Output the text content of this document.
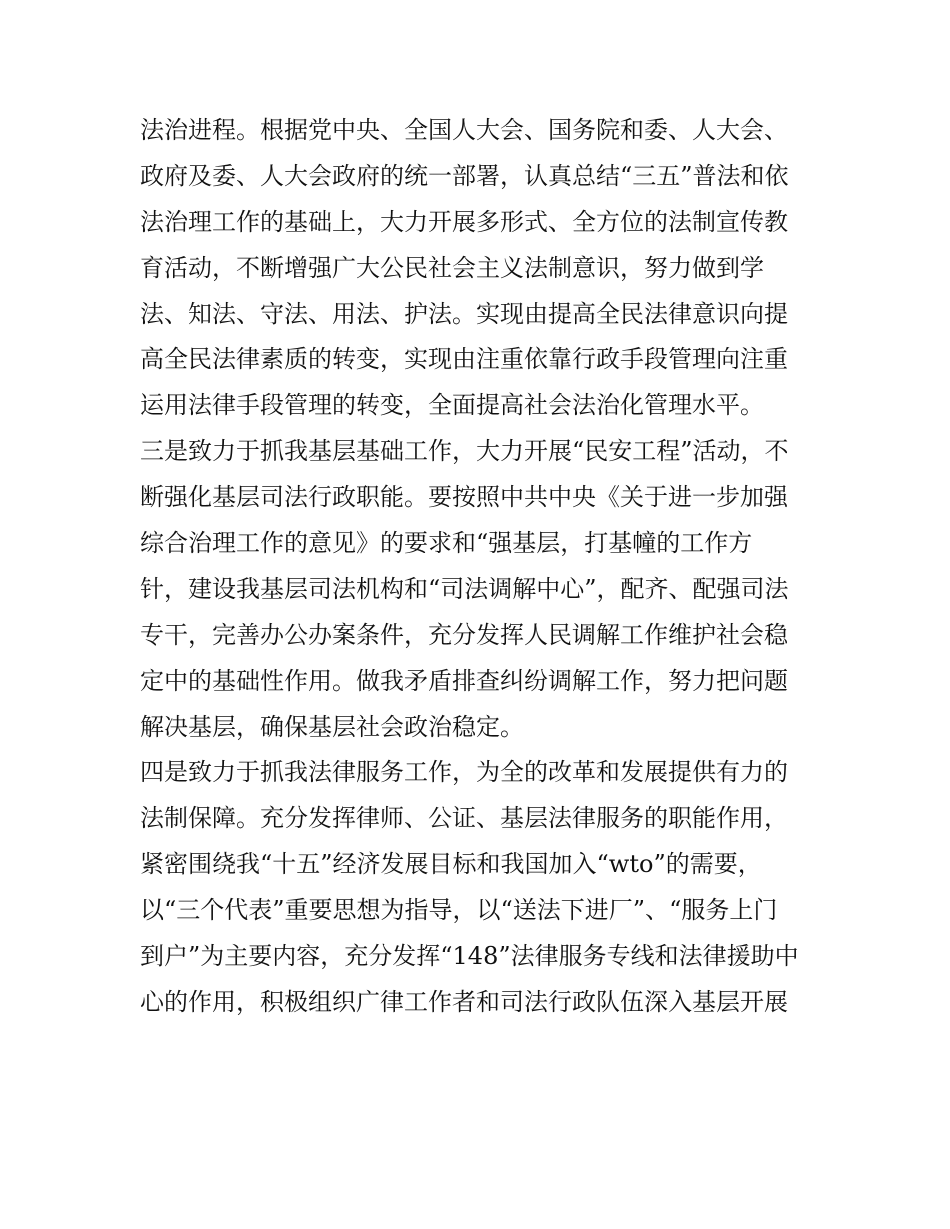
法治进程。根据党中央、全国人大会、国务院和委、人大会、
政府及委、人大会政府的统一部署，认真总结“三五”普法和依
法治理工作的基础上，大力开展多形式、全方位的法制宣传教
育活动，不断增强广大公民社会主义法制意识，努力做到学
法、知法、守法、用法、护法。实现由提高全民法律意识向提
高全民法律素质的转变，实现由注重依靠行政手段管理向注重
运用法律手段管理的转变，全面提高社会法治化管理水平。
三是致力于抓我基层基础工作，大力开展“民安工程”活动，不
断强化基层司法行政职能。要按照中共中央《关于进一步加强
综合治理工作的意见》的要求和“强基层，打基幢的工作方
针，建设我基层司法机构和“司法调解中心”，配齐、配强司法
专干，完善办公办案条件，充分发挥人民调解工作维护社会稳
定中的基础性作用。做我矛盾排查纠纷调解工作，努力把问题
解决基层，确保基层社会政治稳定。
四是致力于抓我法律服务工作，为全的改革和发展提供有力的
法制保障。充分发挥律师、公证、基层法律服务的职能作用，
紧密围绕我“十五”经济发展目标和我国加入“wto”的需要，
以“三个代表”重要思想为指导，以“送法下进厂”、“服务上门
到户”为主要内容，充分发挥“148”法律服务专线和法律援助中
心的作用，积极组织广律工作者和司法行政队伍深入基层开展
